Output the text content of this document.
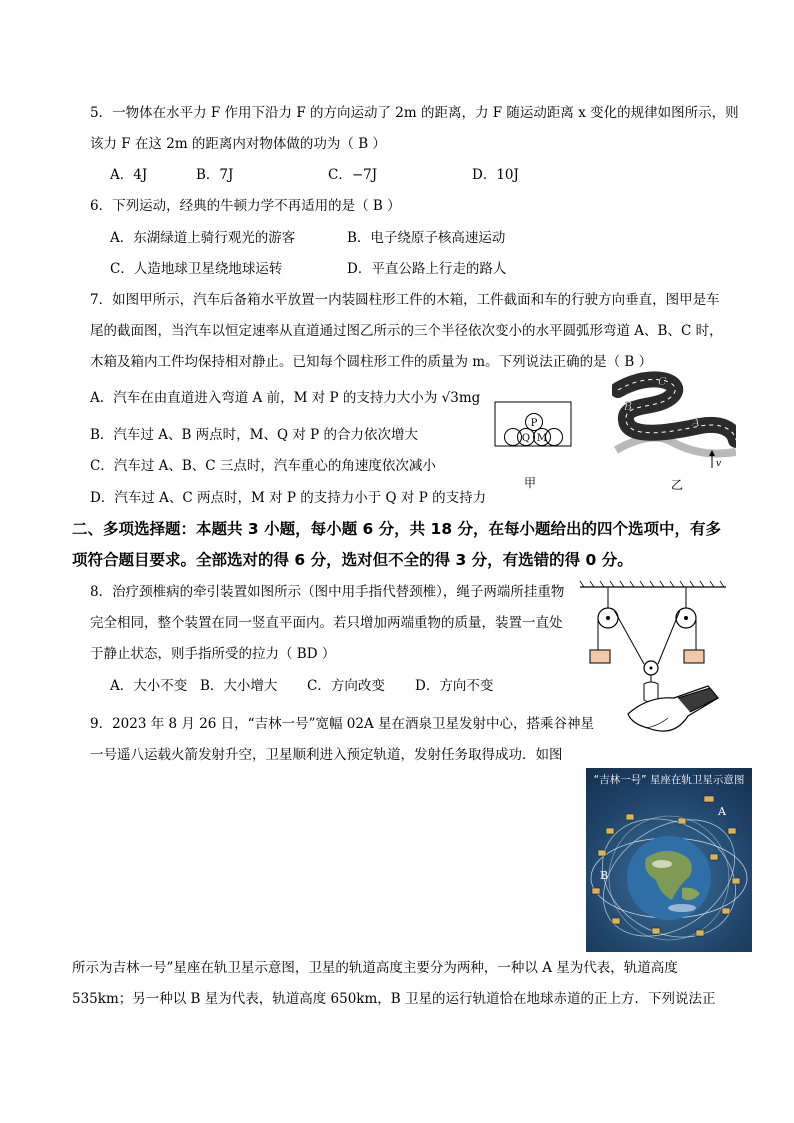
5．一物体在水平力 F 作用下沿力 F 的方向运动了 2m 的距离，力 F 随运动距离 x 变化的规律如图所示，则
该力 F 在这 2m 的距离内对物体做的功为（ B ）
A．4J	B．7J	C．−7J	D．10J
6．下列运动，经典的牛顿力学不再适用的是（ B ）
A．东湖绿道上骑行观光的游客	B．电子绕原子核高速运动
C．人造地球卫星绕地球运转	D．平直公路上行走的路人
7．如图甲所示，汽车后备箱水平放置一内装圆柱形工件的木箱，工件截面和车的行驶方向垂直，图甲是车
尾的截面图，当汽车以恒定速率从直道通过图乙所示的三个半径依次变小的水平圆弧形弯道 A、B、C 时，
木箱及箱内工件均保持相对静止。已知每个圆柱形工件的质量为 m。下列说法正确的是（ B ）
A．汽车在由直道进入弯道 A 前，M 对 P 的支持力大小为 √3mg
B．汽车过 A、B 两点时，M、Q 对 P 的合力依次增大
C．汽车过 A、B、C 三点时，汽车重心的角速度依次减小
D．汽车过 A、C 两点时，M 对 P 的支持力小于 Q 对 P 的支持力
P
Q M
甲
C
B
A
v
乙
二、多项选择题：本题共 3 小题，每小题 6 分，共 18 分，在每小题给出的四个选项中，有多
项符合题目要求。全部选对的得 6 分，选对但不全的得 3 分，有选错的得 0 分。
8．治疗颈椎病的牵引装置如图所示（图中用手指代替颈椎），绳子两端所挂重物
完全相同，整个装置在同一竖直平面内。若只增加两端重物的质量，装置一直处
于静止状态，则手指所受的拉力（ BD ）
A．大小不变 B．大小增大 C．方向改变 D．方向不变
9．2023 年 8 月 26 日，“吉林一号”宽幅 02A 星在酒泉卫星发射中心，搭乘谷神星
一号遥八运载火箭发射升空，卫星顺利进入预定轨道，发射任务取得成功．如图
“吉林一号” 星座在轨卫星示意图
A
B
所示为吉林一号”星座在轨卫星示意图，卫星的轨道高度主要分为两种，一种以 A 星为代表，轨道高度
535km；另一种以 B 星为代表，轨道高度 650km，B 卫星的运行轨道恰在地球赤道的正上方．下列说法正
